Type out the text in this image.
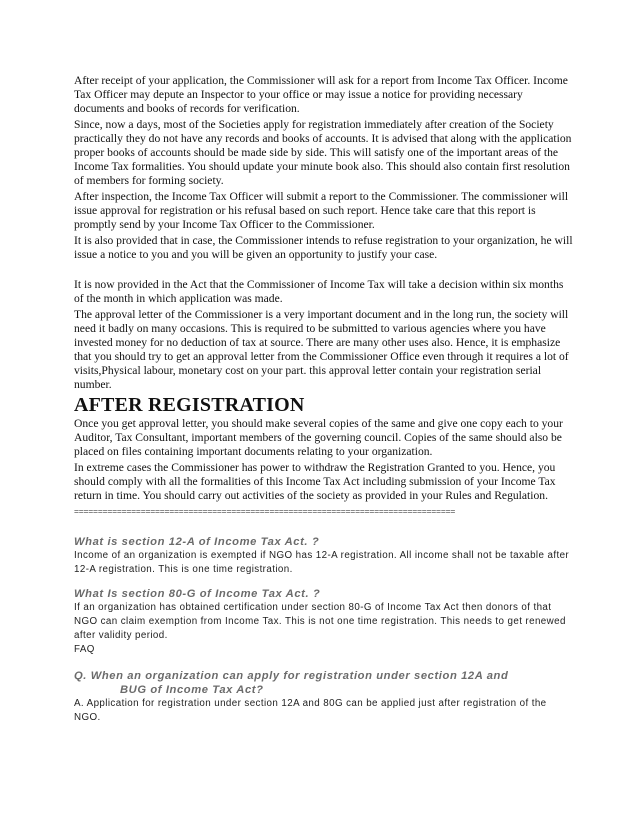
After receipt of your application, the Commissioner will ask for a report from Income Tax Officer. Income Tax Officer may depute an Inspector to your office or may issue a notice for providing necessary documents and books of records for verification.

Since, now a days, most of the Societies apply for registration immediately after creation of the Society practically they do not have any records and books of accounts. It is advised that along with the application proper books of accounts should be made side by side. This will satisfy one of the important areas of the Income Tax formalities. You should update your minute book also. This should also contain first resolution of members for forming society.

After inspection, the Income Tax Officer will submit a report to the Commissioner. The commissioner will issue approval for registration or his refusal based on such report. Hence take care that this report is promptly send by your Income Tax Officer to the Commissioner.

It is also provided that in case, the Commissioner intends to refuse registration to your organization, he will issue a notice to you and you will be given an opportunity to justify your case.

It is now provided in the Act that the Commissioner of Income Tax will take a decision within six months of the month in which application was made.

The approval letter of the Commissioner is a very important document and in the long run, the society will need it badly on many occasions. This is required to be submitted to various agencies where you have invested money for no deduction of tax at source. There are many other uses also. Hence, it is emphasize that you should try to get an approval letter from the Commissioner Office even through it requires a lot of visits,Physical labour, monetary cost on your part. this approval letter contain your registration serial number.

AFTER REGISTRATION

Once you get approval letter, you should make several copies of the same and give one copy each to your Auditor, Tax Consultant, important members of the governing council. Copies of the same should also be placed on files containing important documents relating to your organization.

In extreme cases the Commissioner has power to withdraw the Registration Granted to you. Hence, you should comply with all the formalities of this Income Tax Act including submission of your Income Tax return in time. You should carry out activities of the society as provided in your Rules and Regulation.

================================================================================
What is section 12-A of Income Tax Act. ?
Income of an organization is exempted if NGO has 12-A registration. All income shall not be taxable after 12-A registration. This is one time registration.
What Is section 80-G of Income Tax Act. ?
If an organization has obtained certification under section 80-G of Income Tax Act then donors of that NGO can claim exemption from Income Tax. This is not one time registration. This needs to get renewed after validity period.
FAQ
Q. When an organization can apply for registration under section 12A and
BUG of Income Tax Act?
A. Application for registration under section 12A and 80G can be applied just after registration of the NGO.
